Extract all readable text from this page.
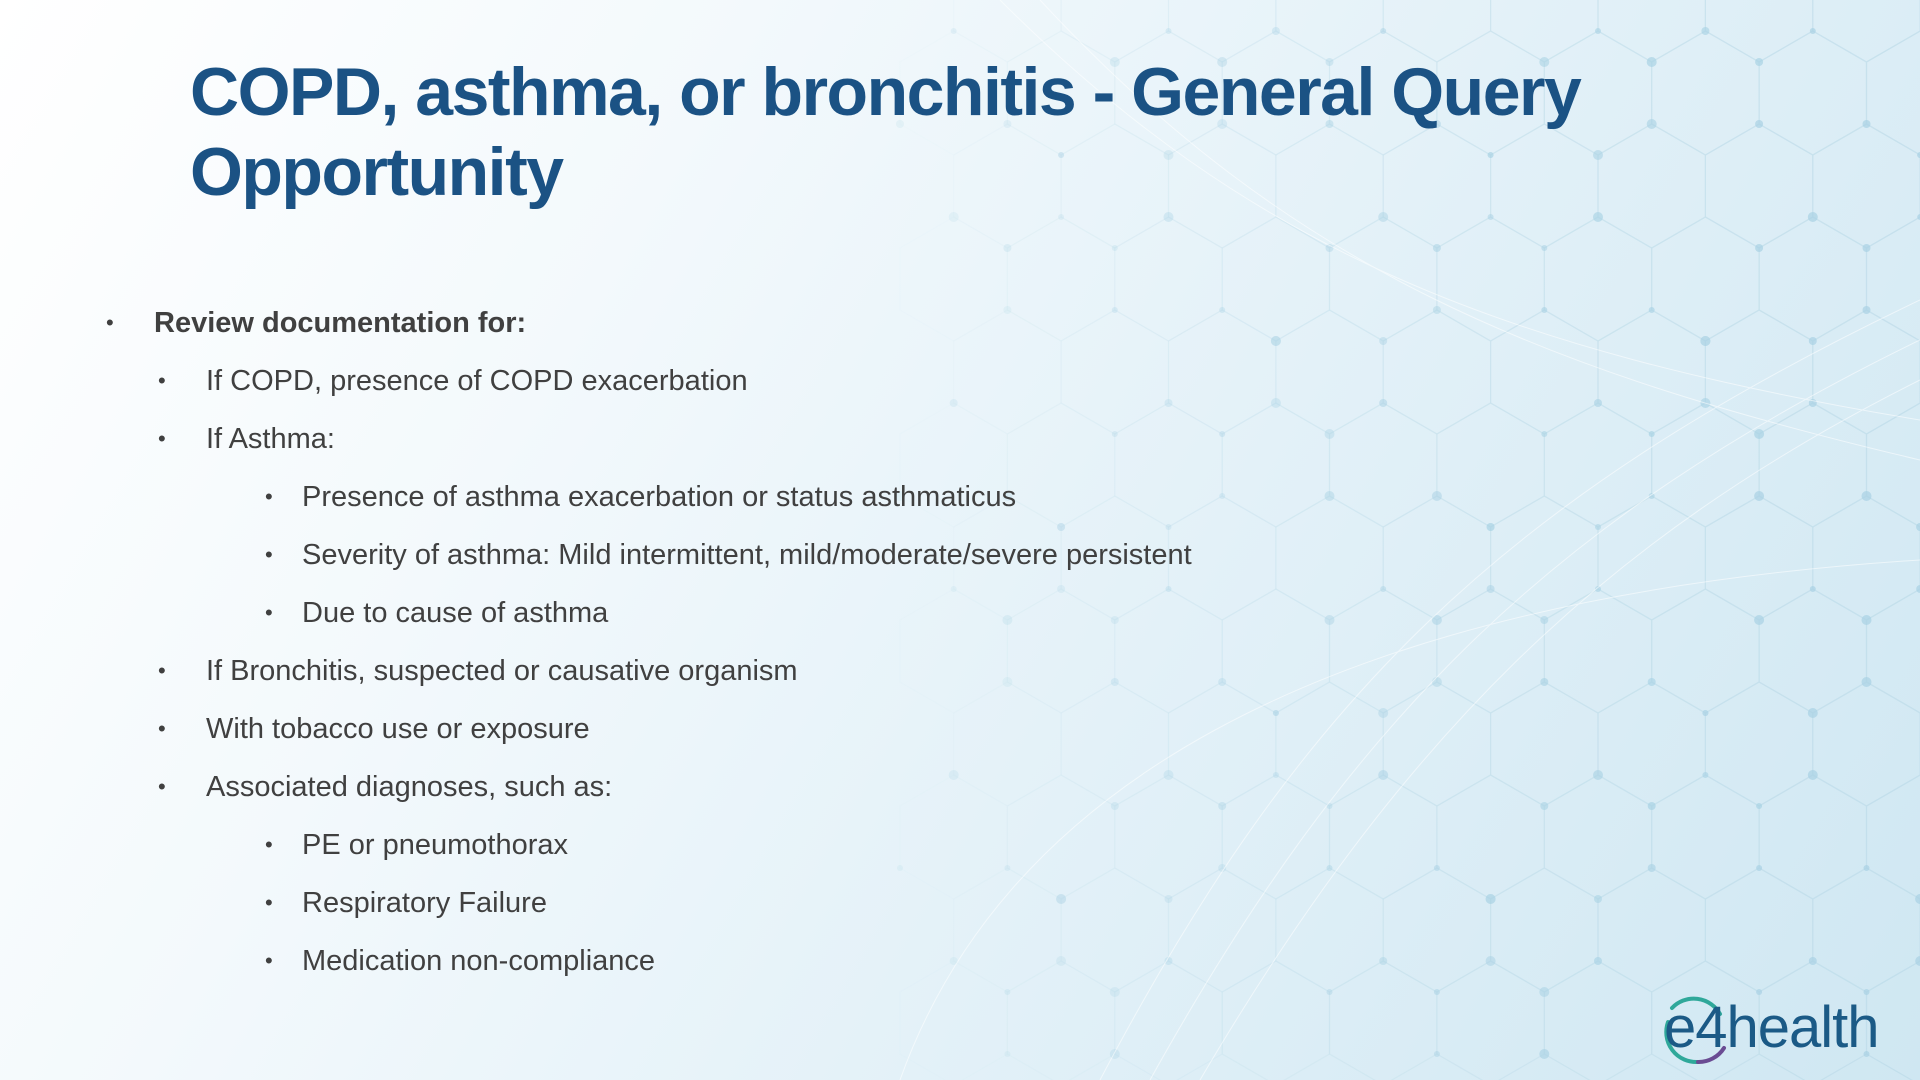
COPD, asthma, or bronchitis - General Query Opportunity
• Review documentation for:
• If COPD, presence of COPD exacerbation
• If Asthma:
• Presence of asthma exacerbation or status asthmaticus
• Severity of asthma: Mild intermittent, mild/moderate/severe persistent
• Due to cause of asthma
• If Bronchitis, suspected or causative organism
• With tobacco use or exposure
• Associated diagnoses, such as:
• PE or pneumothorax
• Respiratory Failure
• Medication non-compliance
e4health
